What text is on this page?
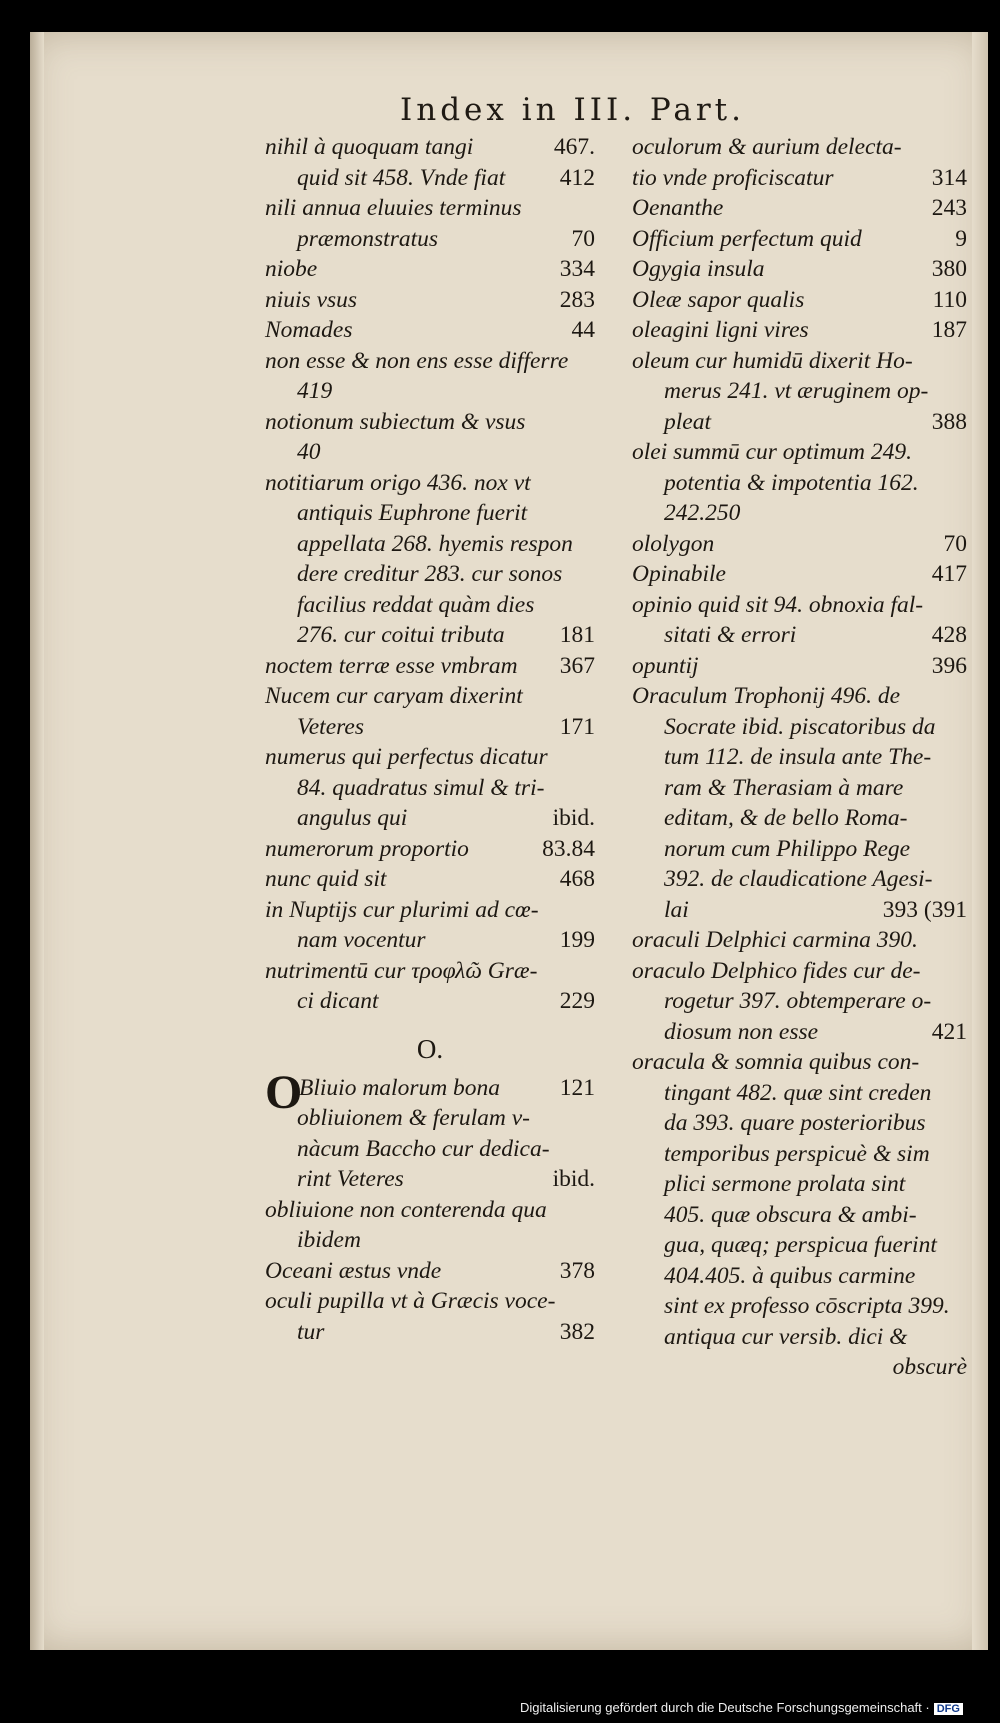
Index in III. Part.
nihil à quoquam tangi	467.
quid sit 458. Vnde fiat 412
nili annua eluuies terminus
præmonstratus	70
niobe	334
niuis vsus	283
Nomades	44
non esse & non ens esse differre
419
notionum subiectum & vsus
40
notitiarum origo 436. nox vt
antiquis Euphrone fuerit
appellata 268. hyemis respon
dere creditur 283. cur sonos
facilius reddat quàm dies
276. cur coitui tributa 181
noctem terræ esse vmbram 367
Nucem cur caryam dixerint
Veteres	171
numerus qui perfectus dicatur
84. quadratus simul & tri-
angulus qui	ibid.
numerorum proportio	83.84
nunc quid sit	468
in Nuptijs cur plurimi ad cœ-
nam vocentur	199
nutrimentū cur τροφλῶ Græ-
ci dicant	229
O.
O
Bliuio malorum bona	121
obliuionem & ferulam v-
nàcum Baccho cur dedica-
rint Veteres	ibid.
obliuione non conterenda qua
ibidem
Oceani æstus vnde	378
oculi pupilla vt à Græcis voce-
tur	382
oculorum & aurium delecta-
tio vnde proficiscatur	314
Oenanthe	243
Officium perfectum quid	9
Ogygia insula	380
Oleæ sapor qualis	110
oleagini ligni vires	187
oleum cur humidū dixerit Ho-
merus 241. vt æruginem op-
pleat	388
olei summū cur optimum 249.
potentia & impotentia 162.
242.250
ololygon	70
Opinabile	417
opinio quid sit 94. obnoxia fal-
sitati & errori	428
opuntij	396
Oraculum Trophonij 496. de
Socrate ibid. piscatoribus da
tum 112. de insula ante The-
ram & Therasiam à mare
editam, & de bello Roma-
norum cum Philippo Rege
392. de claudicatione Agesi-
lai	393 (391
oraculi Delphici carmina 390.
oraculo Delphico fides cur de-
rogetur 397. obtemperare o-
diosum non esse	421
oracula & somnia quibus con-
tingant 482. quæ sint creden
da 393. quare posterioribus
temporibus perspicuè & sim
plici sermone prolata sint
405. quæ obscura & ambi-
gua, quæq; perspicua fuerint
404.405. à quibus carmine
sint ex professo cōscripta 399.
antiqua cur versib. dici &
obscurè
Digitalisierung gefördert durch die Deutsche Forschungsgemeinschaft · DFG
